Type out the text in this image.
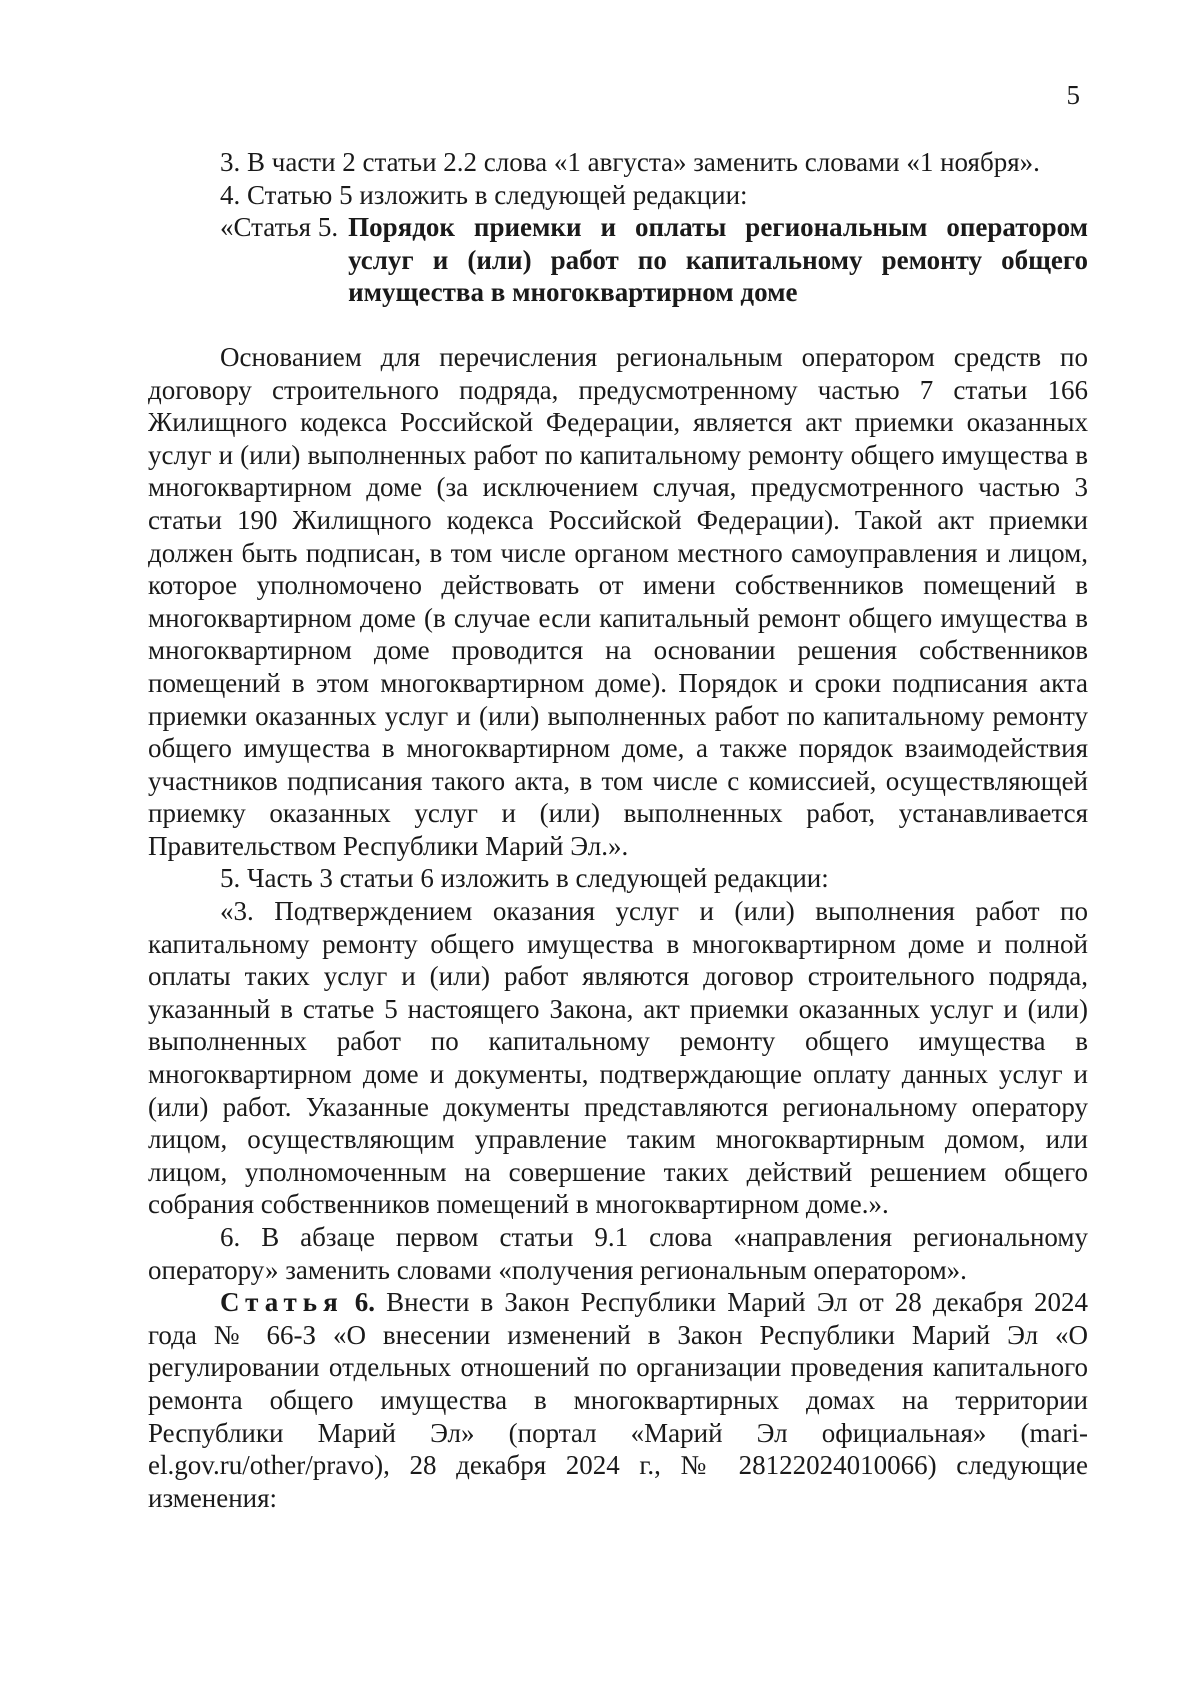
5

3. В части 2 статьи 2.2 слова «1 августа» заменить словами «1 ноября».

4. Статью 5 изложить в следующей редакции:

«Статья 5. Порядок приемки и оплаты региональным оператором услуг и (или) работ по капитальному ремонту общего имущества в многоквартирном доме

Основанием для перечисления региональным оператором средств по договору строительного подряда, предусмотренному частью 7 статьи 166 Жилищного кодекса Российской Федерации, является акт приемки оказанных услуг и (или) выполненных работ по капитальному ремонту общего имущества в многоквартирном доме (за исключением случая, предусмотренного частью 3 статьи 190 Жилищного кодекса Российской Федерации). Такой акт приемки должен быть подписан, в том числе органом местного самоуправления и лицом, которое уполномочено действовать от имени собственников помещений в многоквартирном доме (в случае если капитальный ремонт общего имущества в многоквартирном доме проводится на основании решения собственников помещений в этом многоквартирном доме). Порядок и сроки подписания акта приемки оказанных услуг и (или) выполненных работ по капитальному ремонту общего имущества в многоквартирном доме, а также порядок взаимодействия участников подписания такого акта, в том числе с комиссией, осуществляющей приемку оказанных услуг и (или) выполненных работ, устанавливается Правительством Республики Марий Эл.».

5. Часть 3 статьи 6 изложить в следующей редакции:

«3. Подтверждением оказания услуг и (или) выполнения работ по капитальному ремонту общего имущества в многоквартирном доме и полной оплаты таких услуг и (или) работ являются договор строительного подряда, указанный в статье 5 настоящего Закона, акт приемки оказанных услуг и (или) выполненных работ по капитальному ремонту общего имущества в многоквартирном доме и документы, подтверждающие оплату данных услуг и (или) работ. Указанные документы представляются региональному оператору лицом, осуществляющим управление таким многоквартирным домом, или лицом, уполномоченным на совершение таких действий решением общего собрания собственников помещений в многоквартирном доме.».

6. В абзаце первом статьи 9.1 слова «направления региональному оператору» заменить словами «получения региональным оператором».

Статья 6. Внести в Закон Республики Марий Эл от 28 декабря 2024 года № 66-З «О внесении изменений в Закон Республики Марий Эл «О регулировании отдельных отношений по организации проведения капитального ремонта общего имущества в многоквартирных домах на территории Республики Марий Эл» (портал «Марий Эл официальная» (mari-el.gov.ru/other/pravo), 28 декабря 2024 г., № 28122024010066) следующие изменения:
